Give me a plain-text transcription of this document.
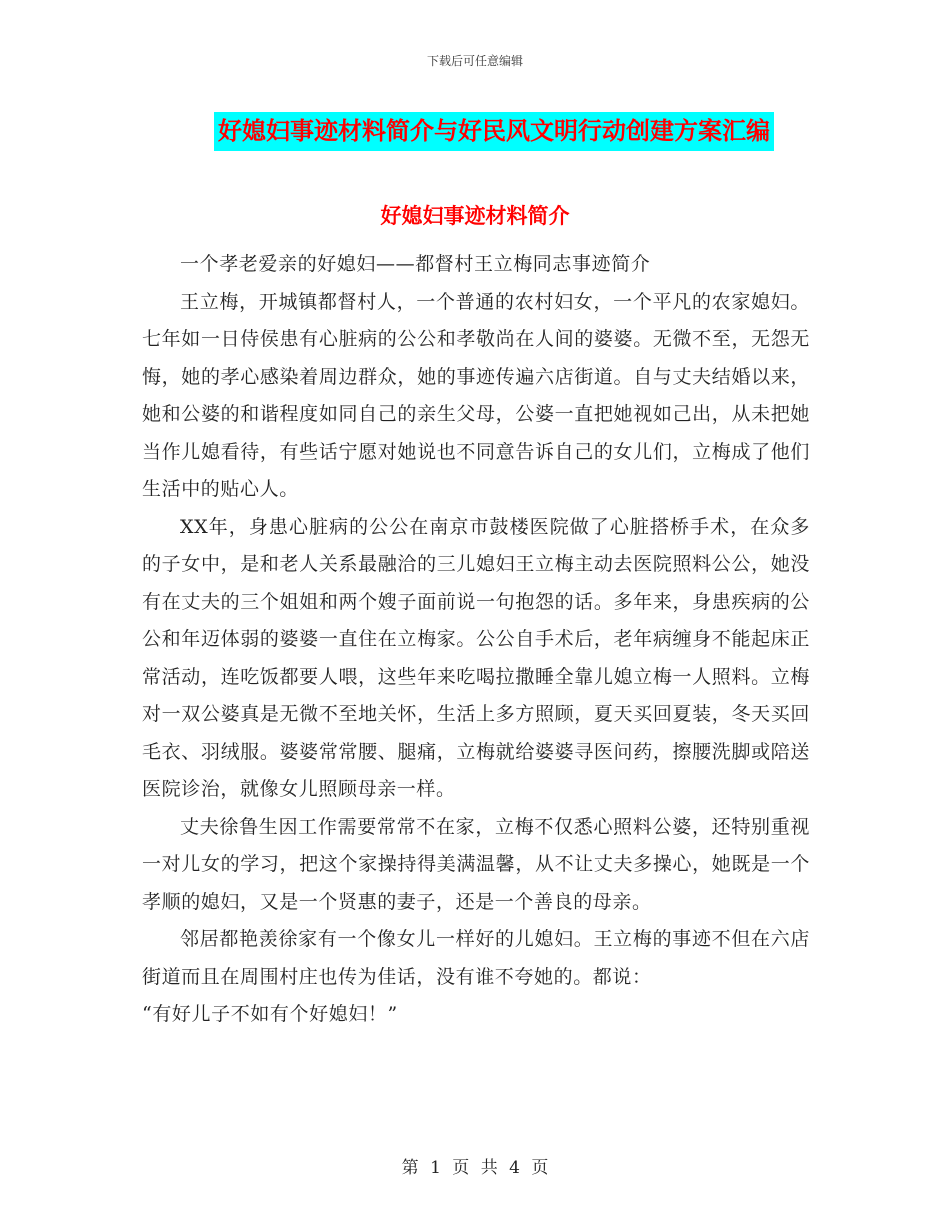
下载后可任意编辑
好媳妇事迹材料简介与好民风文明行动创建方案汇编
好媳妇事迹材料简介

一个孝老爱亲的好媳妇——都督村王立梅同志事迹简介

王立梅，开城镇都督村人，一个普通的农村妇女，一个平凡的农家媳妇。七年如一日侍侯患有心脏病的公公和孝敬尚在人间的婆婆。无微不至，无怨无悔，她的孝心感染着周边群众，她的事迹传遍六店街道。自与丈夫结婚以来，她和公婆的和谐程度如同自己的亲生父母，公婆一直把她视如己出，从未把她当作儿媳看待，有些话宁愿对她说也不同意告诉自己的女儿们，立梅成了他们生活中的贴心人。

XX年，身患心脏病的公公在南京市鼓楼医院做了心脏搭桥手术，在众多的子女中，是和老人关系最融洽的三儿媳妇王立梅主动去医院照料公公，她没有在丈夫的三个姐姐和两个嫂子面前说一句抱怨的话。多年来，身患疾病的公公和年迈体弱的婆婆一直住在立梅家。公公自手术后，老年病缠身不能起床正常活动，连吃饭都要人喂，这些年来吃喝拉撒睡全靠儿媳立梅一人照料。立梅对一双公婆真是无微不至地关怀，生活上多方照顾，夏天买回夏装，冬天买回毛衣、羽绒服。婆婆常常腰、腿痛，立梅就给婆婆寻医问药，擦腰洗脚或陪送医院诊治，就像女儿照顾母亲一样。

丈夫徐鲁生因工作需要常常不在家，立梅不仅悉心照料公婆，还特别重视一对儿女的学习，把这个家操持得美满温馨，从不让丈夫多操心，她既是一个孝顺的媳妇，又是一个贤惠的妻子，还是一个善良的母亲。

邻居都艳羡徐家有一个像女儿一样好的儿媳妇。王立梅的事迹不但在六店街道而且在周围村庄也传为佳话，没有谁不夸她的。都说：

“有好儿子不如有个好媳妇！”

第 1 页 共 4 页
